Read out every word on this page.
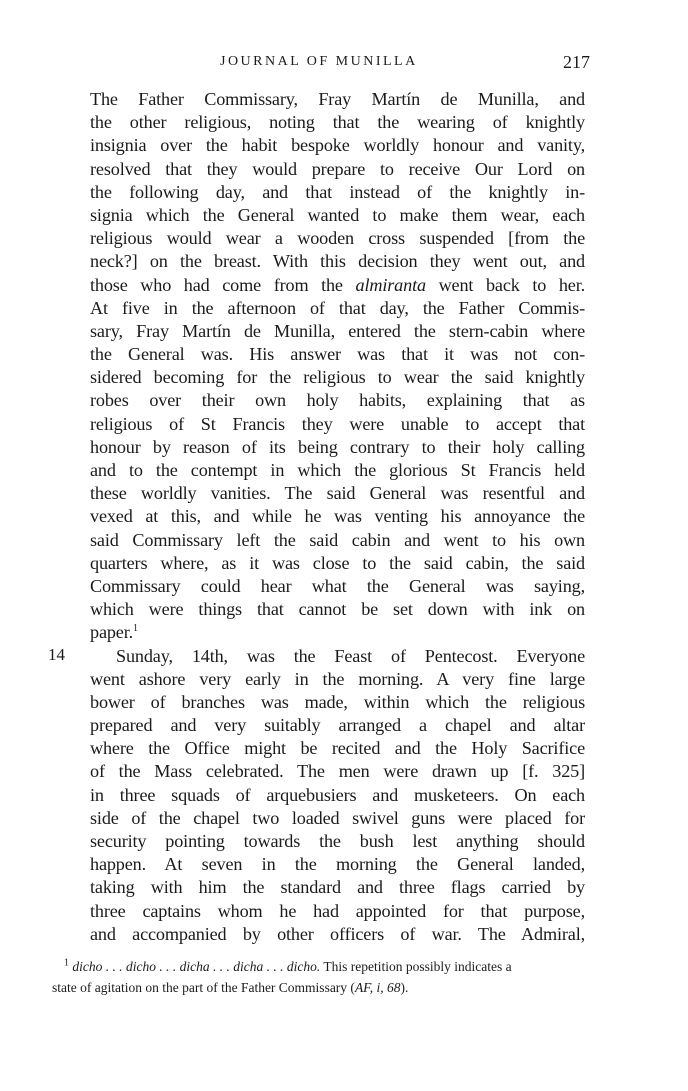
JOURNAL OF MUNILLA	217
The Father Commissary, Fray Martín de Munilla, and
the other religious, noting that the wearing of knightly
insignia over the habit bespoke worldly honour and vanity,
resolved that they would prepare to receive Our Lord on
the following day, and that instead of the knightly in-
signia which the General wanted to make them wear, each
religious would wear a wooden cross suspended [from the
neck?] on the breast. With this decision they went out, and
those who had come from the almiranta went back to her.
At five in the afternoon of that day, the Father Commis-
sary, Fray Martín de Munilla, entered the stern-cabin where
the General was. His answer was that it was not con-
sidered becoming for the religious to wear the said knightly
robes over their own holy habits, explaining that as
religious of St Francis they were unable to accept that
honour by reason of its being contrary to their holy calling
and to the contempt in which the glorious St Francis held
these worldly vanities. The said General was resentful and
vexed at this, and while he was venting his annoyance the
said Commissary left the said cabin and went to his own
quarters where, as it was close to the said cabin, the said
Commissary could hear what the General was saying,
which were things that cannot be set down with ink on
paper.$^1$
Sunday, 14th, was the Feast of Pentecost. Everyone
went ashore very early in the morning. A very fine large
bower of branches was made, within which the religious
prepared and very suitably arranged a chapel and altar
where the Office might be recited and the Holy Sacrifice
of the Mass celebrated. The men were drawn up [f. 325]
in three squads of arquebusiers and musketeers. On each
side of the chapel two loaded swivel guns were placed for
security pointing towards the bush lest anything should
happen. At seven in the morning the General landed,
taking with him the standard and three flags carried by
three captains whom he had appointed for that purpose,
and accompanied by other officers of war. The Admiral,
14
$^1$ dicho . . . dicho . . . dicha . . . dicha . . . dicho. This repetition possibly indicates a
state of agitation on the part of the Father Commissary (AF, i, 68).
